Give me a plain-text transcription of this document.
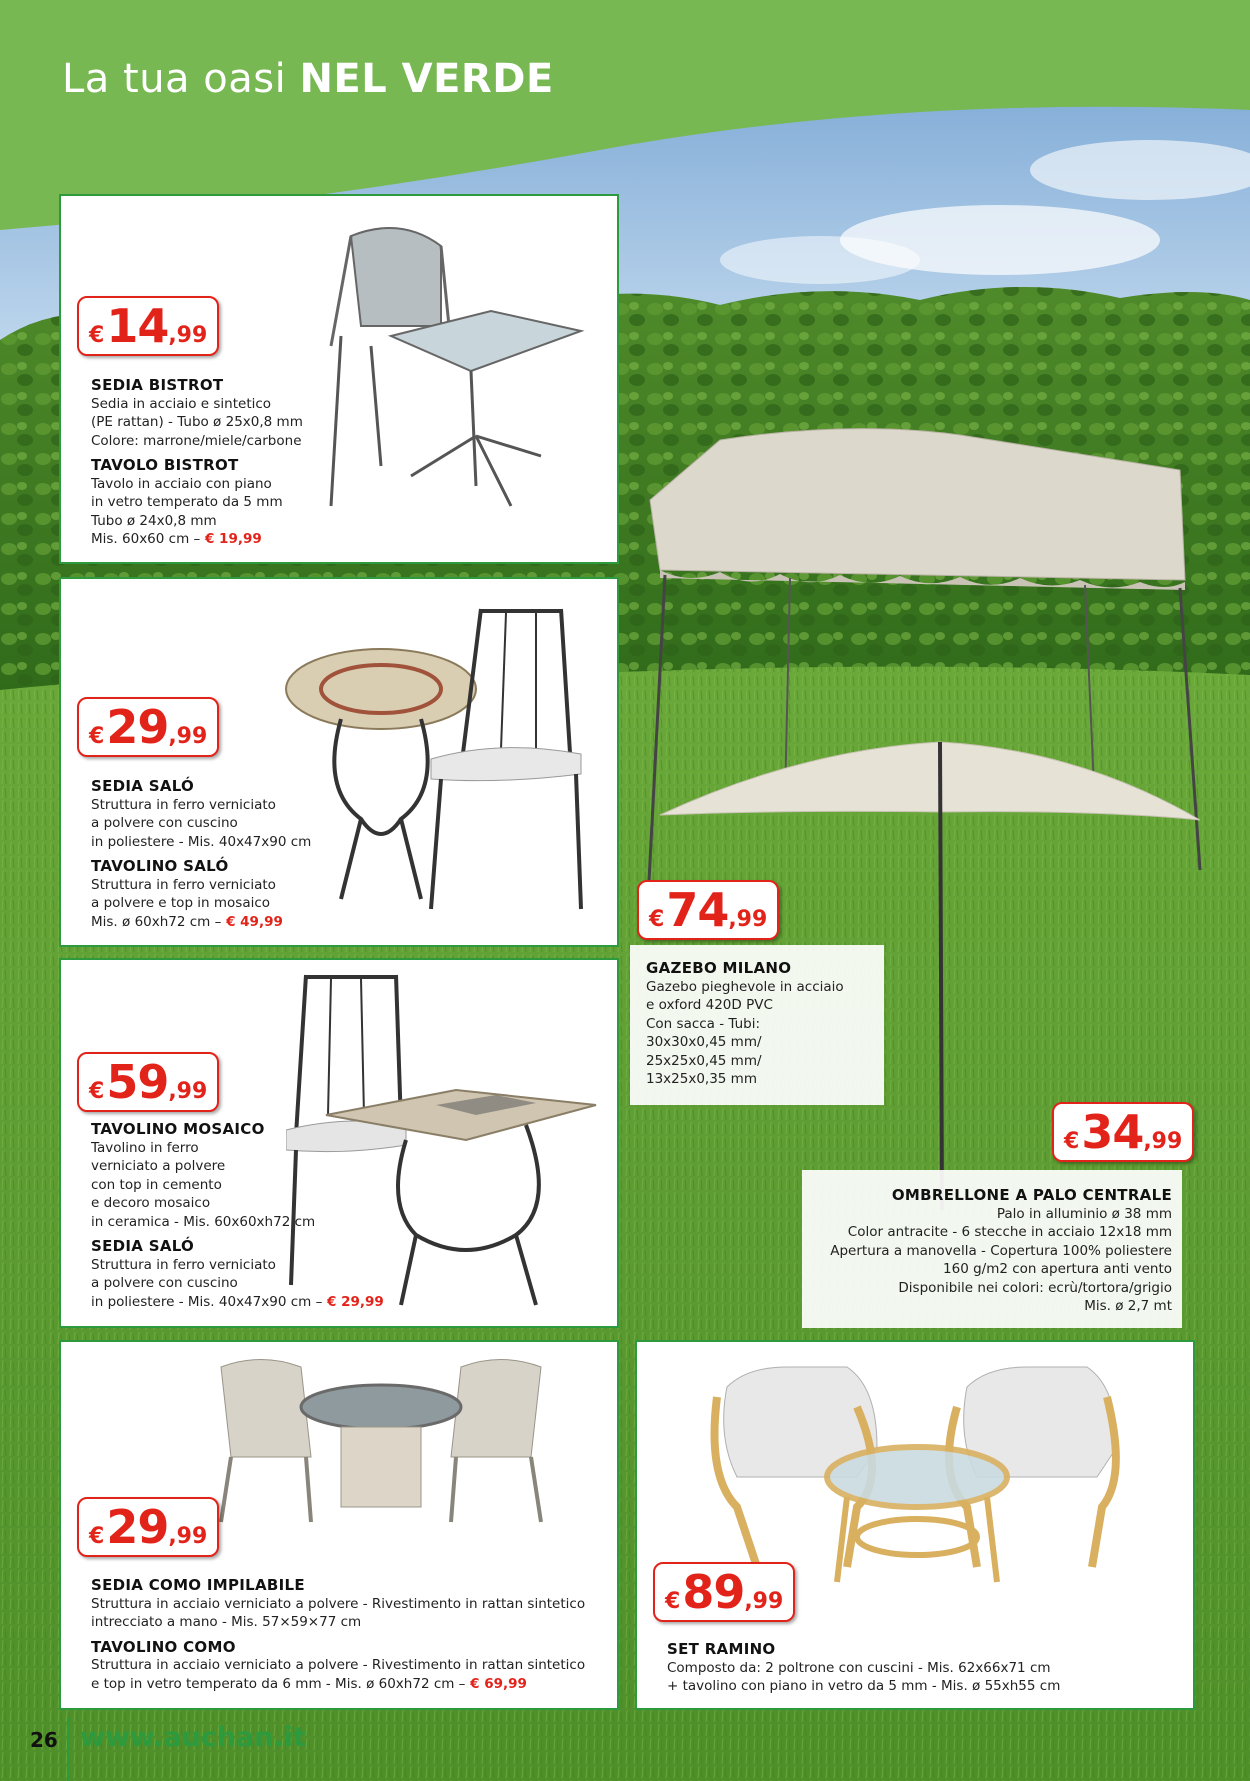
La tua oasi NEL VERDE
€ 14 ,99
SEDIA BISTROT
Sedia in acciaio e sintetico
(PE rattan) - Tubo ø 25x0,8 mm
Colore: marrone/miele/carbone
TAVOLO BISTROT
Tavolo in acciaio con piano
in vetro temperato da 5 mm
Tubo ø 24x0,8 mm
Mis. 60x60 cm – € 19,99
€ 29 ,99
SEDIA SALÓ
Struttura in ferro verniciato
a polvere con cuscino
in poliestere - Mis. 40x47x90 cm
TAVOLINO SALÓ
Struttura in ferro verniciato
a polvere e top in mosaico
Mis. ø 60xh72 cm – € 49,99
€ 59 ,99
TAVOLINO MOSAICO
Tavolino in ferro
verniciato a polvere
con top in cemento
e decoro mosaico
in ceramica - Mis. 60x60xh72 cm
SEDIA SALÓ
Struttura in ferro verniciato
a polvere con cuscino
in poliestere - Mis. 40x47x90 cm – € 29,99
€ 29 ,99
SEDIA COMO IMPILABILE
Struttura in acciaio verniciato a polvere - Rivestimento in rattan sintetico
intrecciato a mano - Mis. 57×59×77 cm
TAVOLINO COMO
Struttura in acciaio verniciato a polvere - Rivestimento in rattan sintetico
e top in vetro temperato da 6 mm - Mis. ø 60xh72 cm – € 69,99
€ 74 ,99
GAZEBO MILANO
Gazebo pieghevole in acciaio
e oxford 420D PVC
Con sacca - Tubi:
30x30x0,45 mm/
25x25x0,45 mm/
13x25x0,35 mm
€ 34 ,99
OMBRELLONE A PALO CENTRALE
Palo in alluminio ø 38 mm
Color antracite - 6 stecche in acciaio 12x18 mm
Apertura a manovella - Copertura 100% poliestere
160 g/m2 con apertura anti vento
Disponibile nei colori: ecrù/tortora/grigio
Mis. ø 2,7 mt
€ 89 ,99
SET RAMINO
Composto da: 2 poltrone con cuscini - Mis. 62x66x71 cm
+ tavolino con piano in vetro da 5 mm - Mis. ø 55xh55 cm
26 www.auchan.it
